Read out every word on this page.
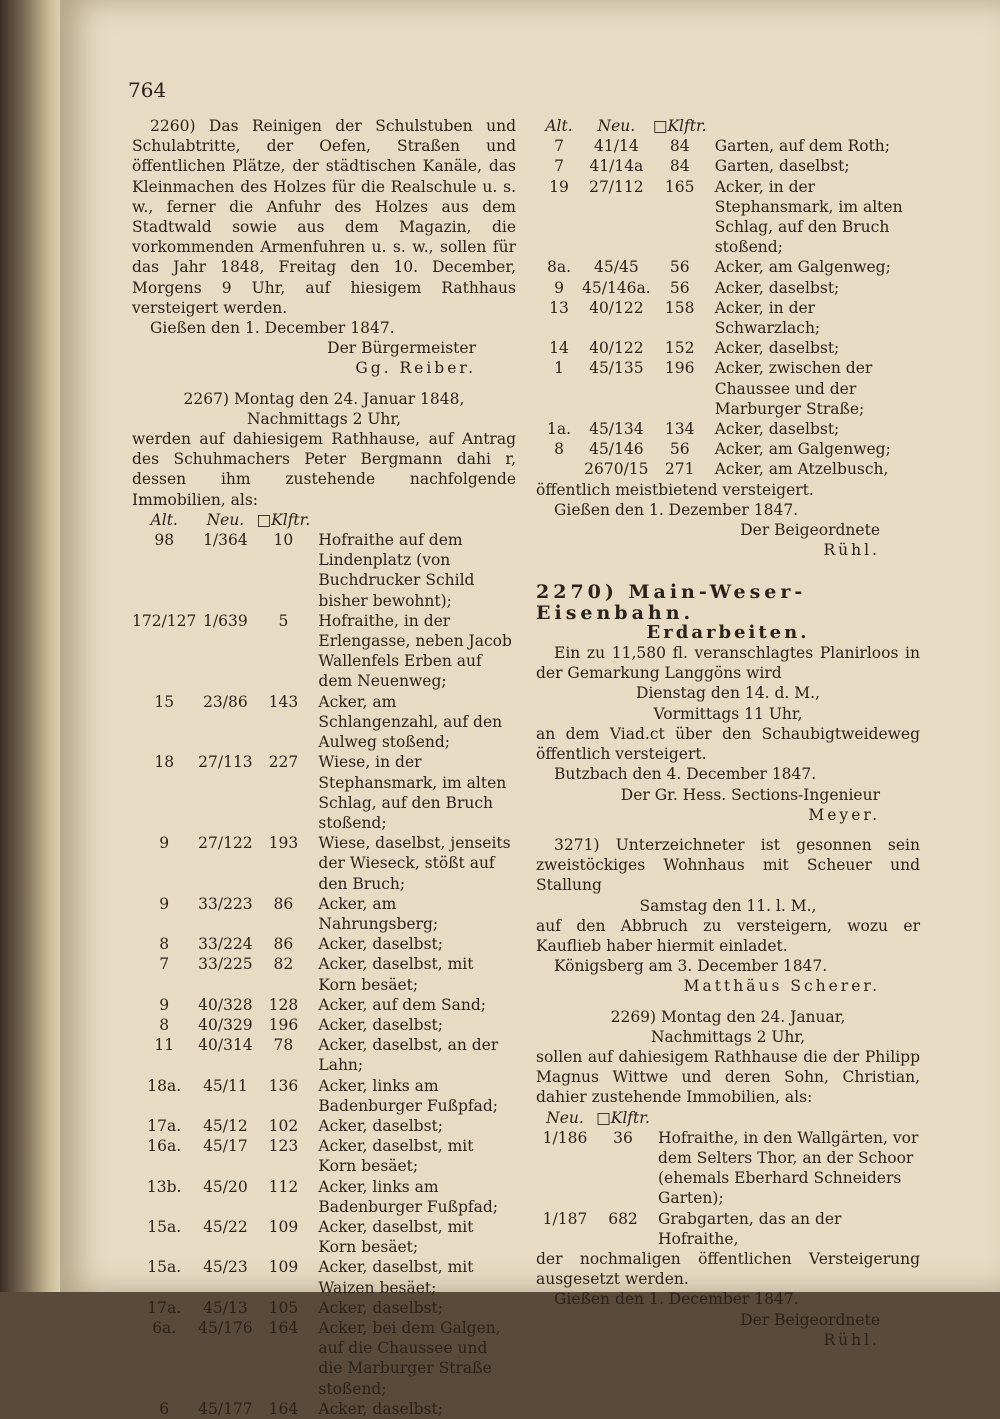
764

2260) Das Reinigen der Schulstuben und Schulabtritte, der Oefen, Straßen und öffentlichen Plätze, der städtischen Kanäle, das Kleinmachen des Holzes für die Realschule u. s. w., ferner die Anfuhr des Holzes aus dem Stadtwald sowie aus dem Magazin, die vorkommenden Armenfuhren u. s. w., sollen für das Jahr 1848, Freitag den 10. December, Morgens 9 Uhr, auf hiesigem Rathhaus versteigert werden.

Gießen den 1. December 1847.

Der Bürgermeister

Gg. Reiber.

2267) Montag den 24. Januar 1848,

Nachmittags 2 Uhr,

werden auf dahiesigem Rathhause, auf Antrag des Schuhmachers Peter Bergmann dahi r, dessen ihm zustehende nachfolgende Immobilien, als:

Alt.	Neu.	□Klftr.	
98	1/364	10	Hofraithe auf dem Lindenplatz (von Buchdrucker Schild bisher bewohnt);
172/127	1/639	5	Hofraithe, in der Erlengasse, neben Jacob Wallenfels Erben auf dem Neuenweg;
15	23/86	143	Acker, am Schlangenzahl, auf den Aulweg stoßend;
18	27/113	227	Wiese, in der Stephansmark, im alten Schlag, auf den Bruch stoßend;
9	27/122	193	Wiese, daselbst, jenseits der Wieseck, stößt auf den Bruch;
9	33/223	86	Acker, am Nahrungsberg;
8	33/224	86	Acker, daselbst;
7	33/225	82	Acker, daselbst, mit Korn besäet;
9	40/328	128	Acker, auf dem Sand;
8	40/329	196	Acker, daselbst;
11	40/314	78	Acker, daselbst, an der Lahn;
18a.	45/11	136	Acker, links am Badenburger Fußpfad;
17a.	45/12	102	Acker, daselbst;
16a.	45/17	123	Acker, daselbst, mit Korn besäet;
13b.	45/20	112	Acker, links am Badenburger Fußpfad;
15a.	45/22	109	Acker, daselbst, mit Korn besäet;
15a.	45/23	109	Acker, daselbst, mit Waizen besäet;
17a.	45/13	105	Acker, daselbst;
6a.	45/176	164	Acker, bei dem Galgen, auf die Chaussee und die Marburger Straße stoßend;
6	45/177	164	Acker, daselbst;
Alt.	Neu.	□Klftr.	
7	41/14	84	Garten, auf dem Roth;
7	41/14a	84	Garten, daselbst;
19	27/112	165	Acker, in der Stephansmark, im alten Schlag, auf den Bruch stoßend;
8a.	45/45	56	Acker, am Galgenweg;
9	45/146a.	56	Acker, daselbst;
13	40/122	158	Acker, in der Schwarzlach;
14	40/122	152	Acker, daselbst;
1	45/135	196	Acker, zwischen der Chaussee und der Marburger Straße;
1a.	45/134	134	Acker, daselbst;
8	45/146	56	Acker, am Galgenweg;
	2670/15	271	Acker, am Atzelbusch,

öffentlich meistbietend versteigert.

Gießen den 1. Dezember 1847.

Der Beigeordnete

Rühl.

2270) Main-Weser-Eisenbahn.

Erdarbeiten.

Ein zu 11,580 fl. veranschlagtes Planirloos in der Gemarkung Langgöns wird

Dienstag den 14. d. M.,

Vormittags 11 Uhr,

an dem Viad.ct über den Schaubigtweideweg öffentlich versteigert.

Butzbach den 4. December 1847.

Der Gr. Hess. Sections-Ingenieur

Meyer.

3271) Unterzeichneter ist gesonnen sein zweistöckiges Wohnhaus mit Scheuer und Stallung

Samstag den 11. l. M.,

auf den Abbruch zu versteigern, wozu er Kauflieb haber hiermit einladet.

Königsberg am 3. December 1847.

Matthäus Scherer.

2269) Montag den 24. Januar,

Nachmittags 2 Uhr,

sollen auf dahiesigem Rathhause die der Philipp Magnus Wittwe und deren Sohn, Christian, dahier zustehende Immobilien, als:

Neu.	□Klftr.	
1/186	36	Hofraithe, in den Wallgärten, vor dem Selters Thor, an der Schoor (ehemals Eberhard Schneiders Garten);
1/187	682	Grabgarten, das an der Hofraithe,

der nochmaligen öffentlichen Versteigerung ausgesetzt werden.

Gießen den 1. December 1847.

Der Beigeordnete

Rühl.
